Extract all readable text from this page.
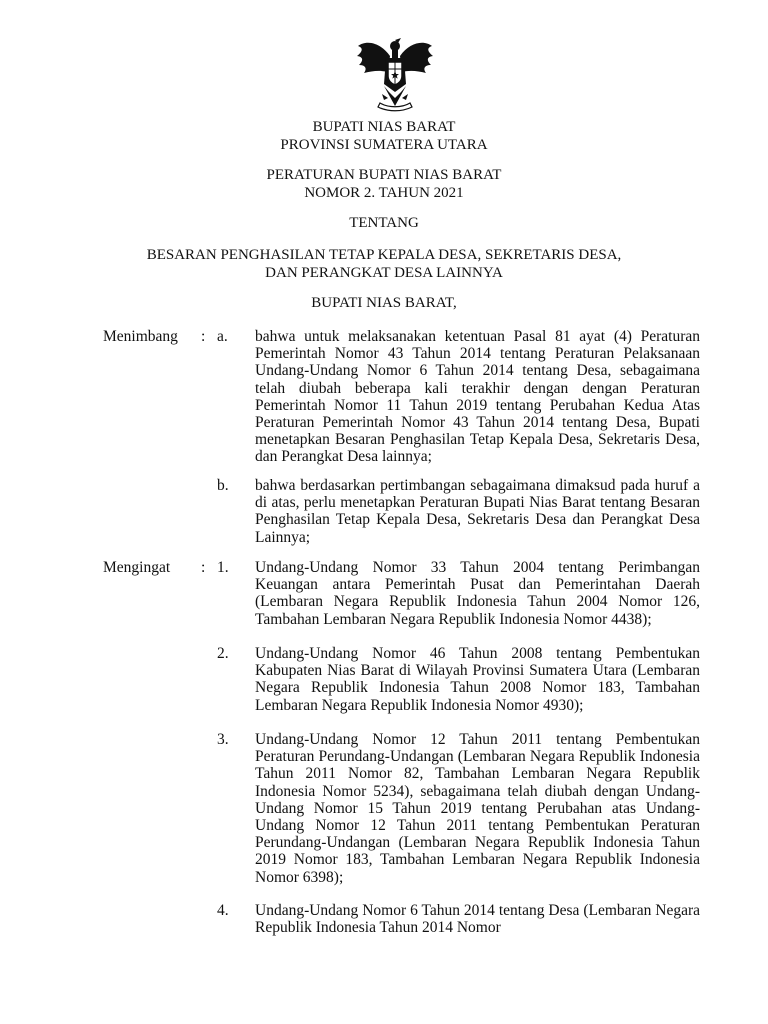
BUPATI NIAS BARAT
PROVINSI SUMATERA UTARA
PERATURAN BUPATI NIAS BARAT
NOMOR 2. TAHUN 2021
TENTANG
BESARAN PENGHASILAN TETAP KEPALA DESA, SEKRETARIS DESA,
DAN PERANGKAT DESA LAINNYA
BUPATI NIAS BARAT,
Menimbang : a. bahwa untuk melaksanakan ketentuan Pasal 81 ayat (4) Peraturan Pemerintah Nomor 43 Tahun 2014 tentang Peraturan Pelaksanaan Undang-Undang Nomor 6 Tahun 2014 tentang Desa, sebagaimana telah diubah beberapa kali terakhir dengan dengan Peraturan Pemerintah Nomor 11 Tahun 2019 tentang Perubahan Kedua Atas Peraturan Pemerintah Nomor 43 Tahun 2014 tentang Desa, Bupati menetapkan Besaran Penghasilan Tetap Kepala Desa, Sekretaris Desa, dan Perangkat Desa lainnya;
b. bahwa berdasarkan pertimbangan sebagaimana dimaksud pada huruf a di atas, perlu menetapkan Peraturan Bupati Nias Barat tentang Besaran Penghasilan Tetap Kepala Desa, Sekretaris Desa dan Perangkat Desa Lainnya;
Mengingat : 1. Undang-Undang Nomor 33 Tahun 2004 tentang Perimbangan Keuangan antara Pemerintah Pusat dan Pemerintahan Daerah (Lembaran Negara Republik Indonesia Tahun 2004 Nomor 126, Tambahan Lembaran Negara Republik Indonesia Nomor 4438);
2. Undang-Undang Nomor 46 Tahun 2008 tentang Pembentukan Kabupaten Nias Barat di Wilayah Provinsi Sumatera Utara (Lembaran Negara Republik Indonesia Tahun 2008 Nomor 183, Tambahan Lembaran Negara Republik Indonesia Nomor 4930);
3. Undang-Undang Nomor 12 Tahun 2011 tentang Pembentukan Peraturan Perundang-Undangan (Lembaran Negara Republik Indonesia Tahun 2011 Nomor 82, Tambahan Lembaran Negara Republik Indonesia Nomor 5234), sebagaimana telah diubah dengan Undang-Undang Nomor 15 Tahun 2019 tentang Perubahan atas Undang-Undang Nomor 12 Tahun 2011 tentang Pembentukan Peraturan Perundang-Undangan (Lembaran Negara Republik Indonesia Tahun 2019 Nomor 183, Tambahan Lembaran Negara Republik Indonesia Nomor 6398);
4. Undang-Undang Nomor 6 Tahun 2014 tentang Desa (Lembaran Negara Republik Indonesia Tahun 2014 Nomor
